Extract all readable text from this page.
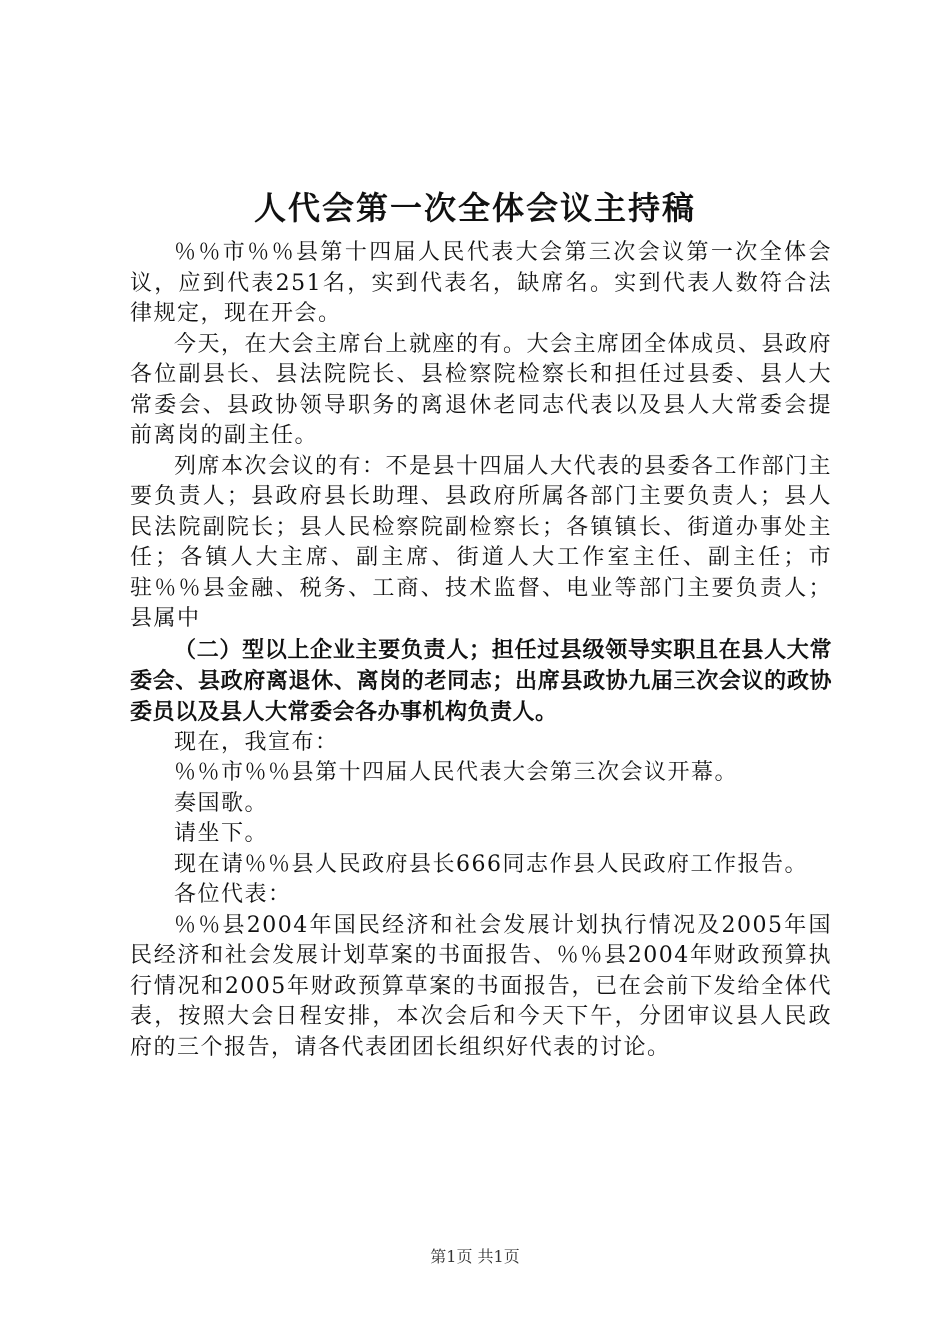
人代会第一次全体会议主持稿

％％市％％县第十四届人民代表大会第三次会议第一次全体会议，应到代表251名，实到代表名，缺席名。实到代表人数符合法律规定，现在开会。

今天，在大会主席台上就座的有。大会主席团全体成员、县政府各位副县长、县法院院长、县检察院检察长和担任过县委、县人大常委会、县政协领导职务的离退休老同志代表以及县人大常委会提前离岗的副主任。

列席本次会议的有：不是县十四届人大代表的县委各工作部门主要负责人；县政府县长助理、县政府所属各部门主要负责人；县人民法院副院长；县人民检察院副检察长；各镇镇长、街道办事处主任；各镇人大主席、副主席、街道人大工作室主任、副主任；市驻％％县金融、税务、工商、技术监督、电业等部门主要负责人；县属中

（二）型以上企业主要负责人；担任过县级领导实职且在县人大常委会、县政府离退休、离岗的老同志；出席县政协九届三次会议的政协委员以及县人大常委会各办事机构负责人。

现在，我宣布：

％％市％％县第十四届人民代表大会第三次会议开幕。

奏国歌。

请坐下。

现在请％％县人民政府县长666同志作县人民政府工作报告。

各位代表：

％％县2004年国民经济和社会发展计划执行情况及2005年国民经济和社会发展计划草案的书面报告、％％县2004年财政预算执行情况和2005年财政预算草案的书面报告，已在会前下发给全体代表，按照大会日程安排，本次会后和今天下午，分团审议县人民政府的三个报告，请各代表团团长组织好代表的讨论。

第1页 共1页
